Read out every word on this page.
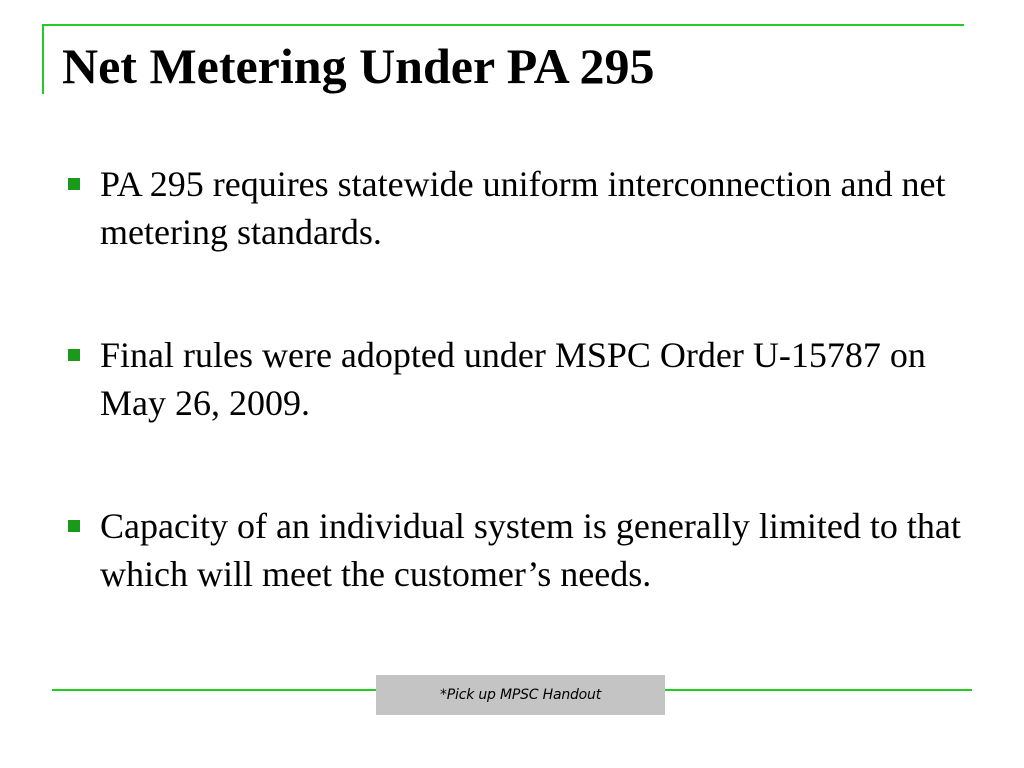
Net Metering Under PA 295
PA 295 requires statewide uniform interconnection and net metering standards.
Final rules were adopted under MSPC Order U-15787 on May 26, 2009.
Capacity of an individual system is generally limited to that which will meet the customer’s needs.
*Pick up MPSC Handout
